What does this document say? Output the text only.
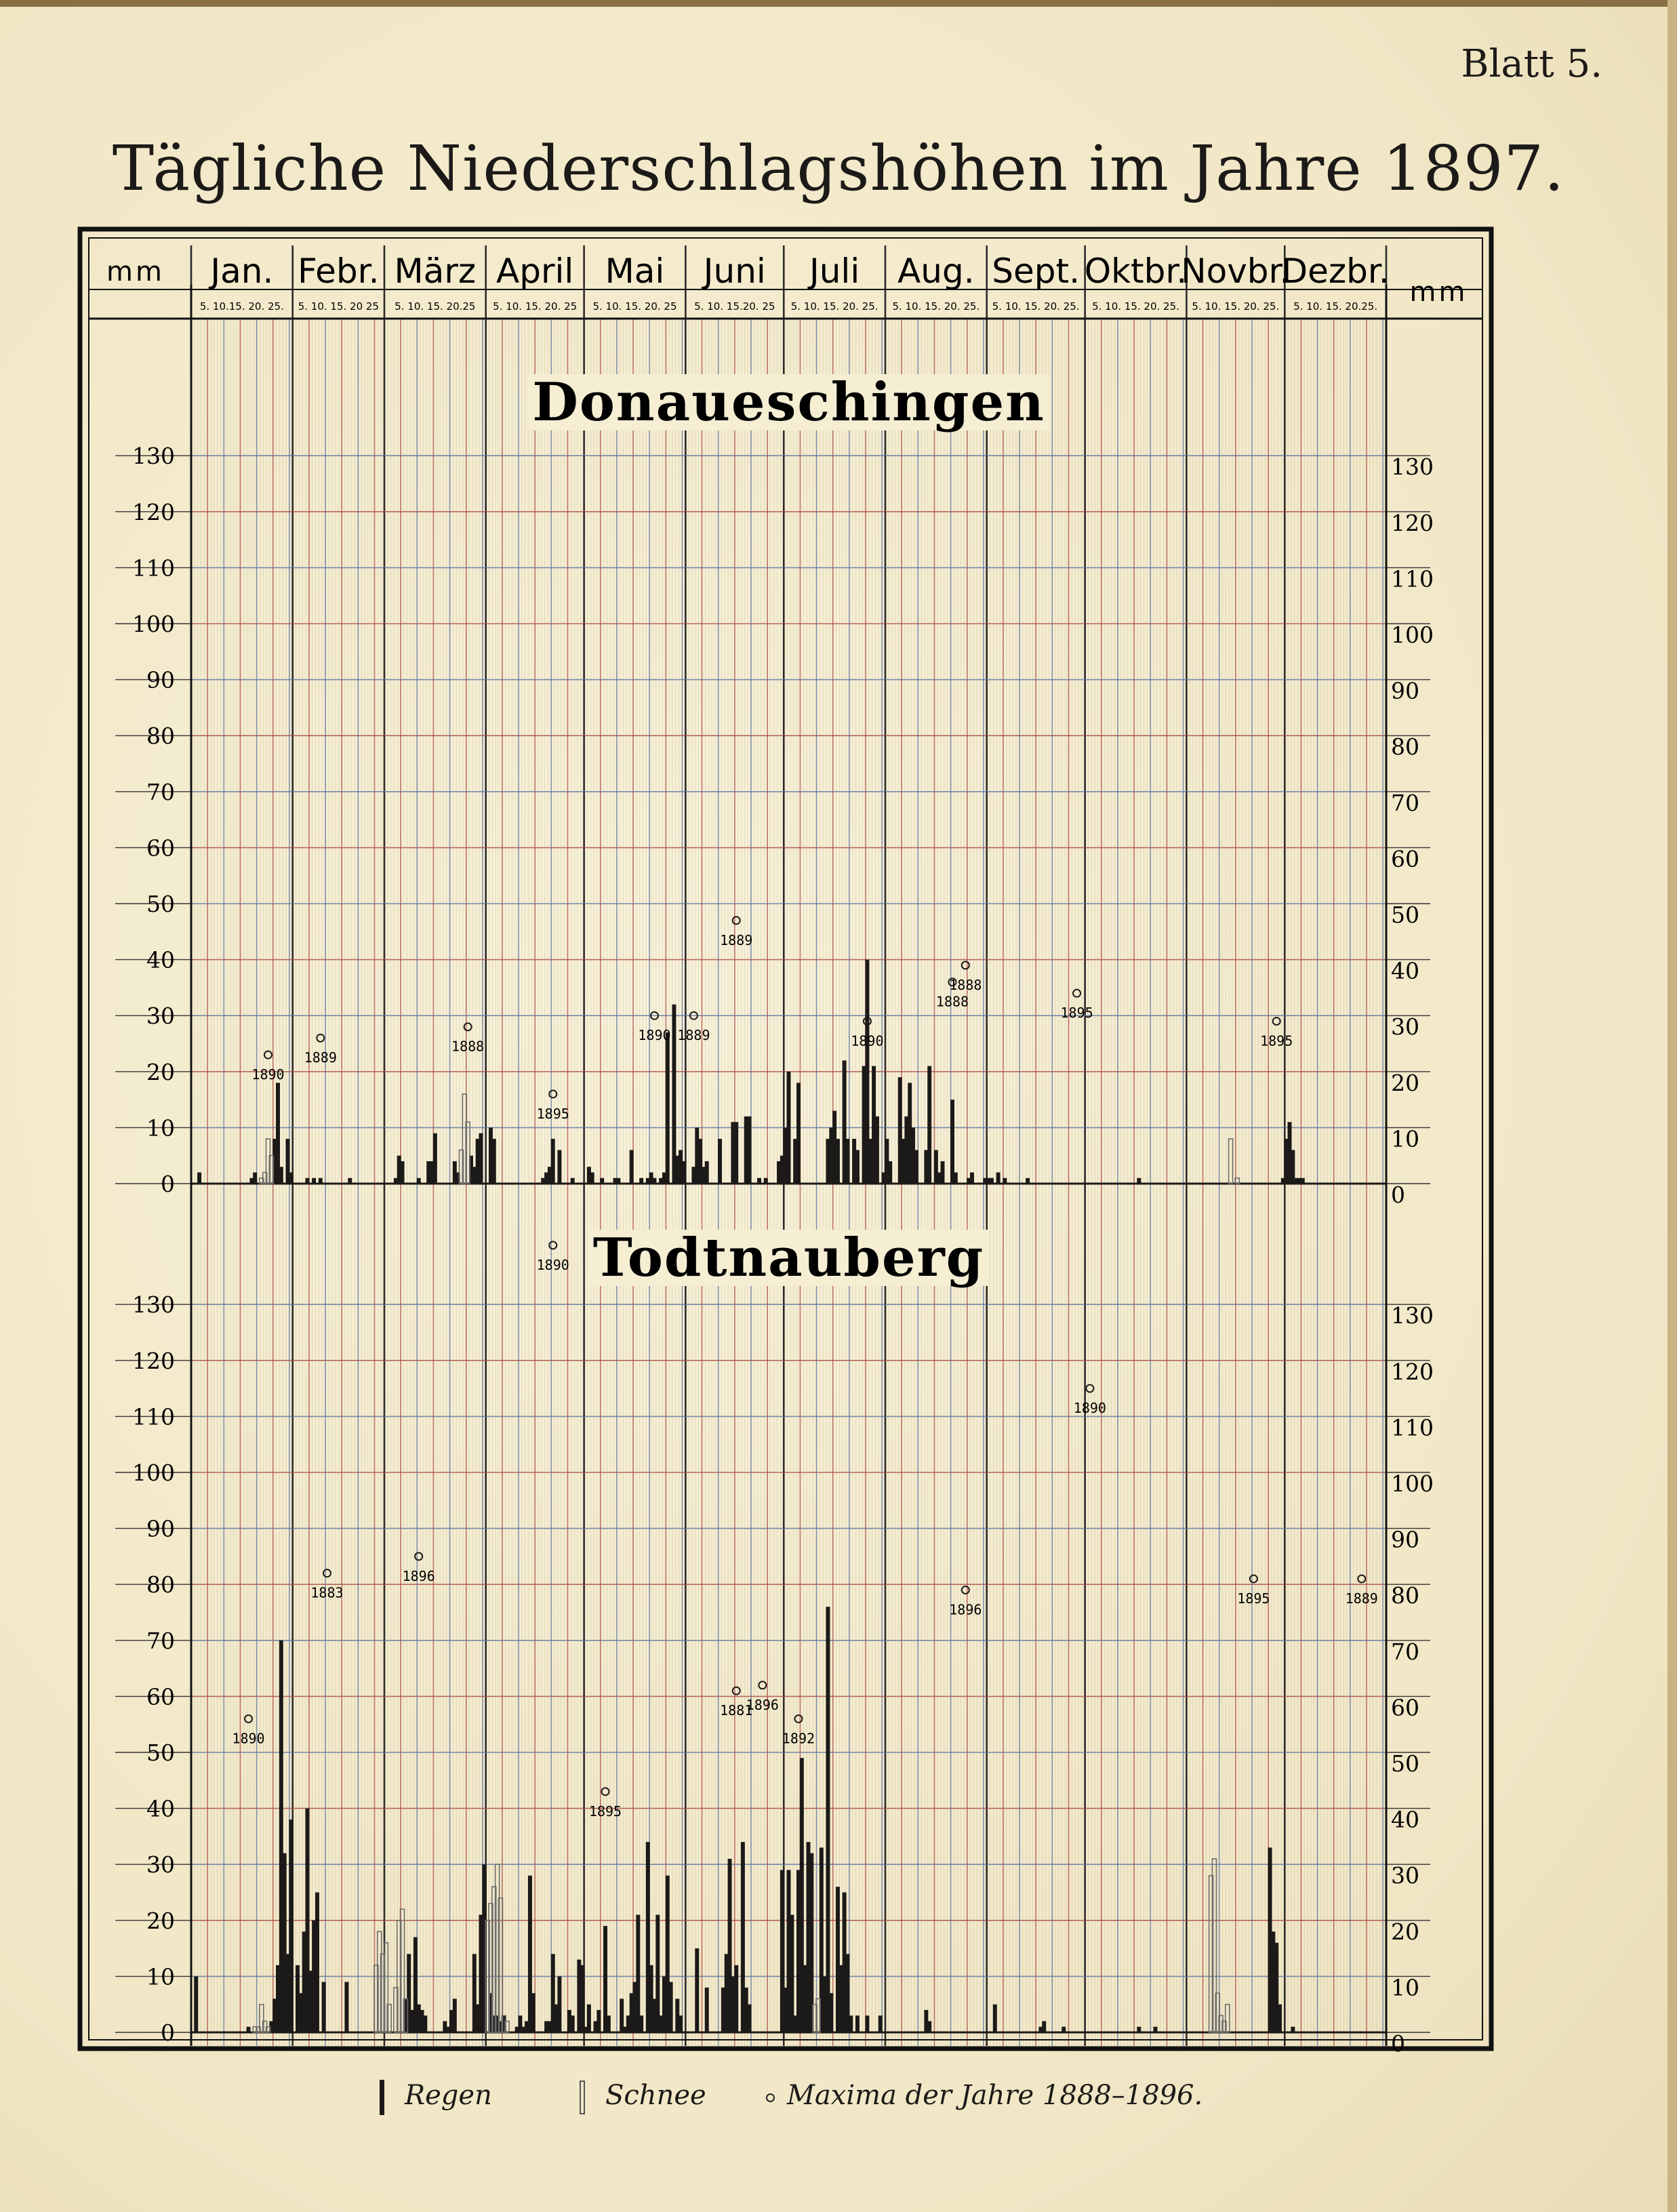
Blatt 5.
Tägliche Niederschlagshöhen im Jahre 1897.
Jan.
5. 10.15. 20. 25.
Febr.
5. 10. 15. 20 25
März
5. 10. 15. 20.25
April
5. 10. 15. 20. 25
Mai
5. 10. 15. 20. 25
Juni
5. 10. 15.20. 25
Juli
5. 10. 15. 20. 25.
Aug.
5. 10. 15. 20. 25.
Sept.
5. 10. 15. 20. 25.
Oktbr.
5. 10. 15. 20. 25.
Novbr.
5. 10. 15. 20. 25.
Dezbr.
5. 10. 15. 20.25.
mm
mm
0	0
10	10
20	20
30	30
40	40
50	50
60	60
70	70
80	80
90	90
100	100
110	110
120	120
130	130
0	0
10	10
20	20
30	30
40	40
50	50
60	60
70	70
80	80
90	90
100	100
110	110
120	120
130	130
Donaueschingen
1890
1889
1888
1895
1890 1889
1889
1890
1888
1888
1895
1895
1890 Todtnauberg
1890
1883
1896
1895
1881
1896
1892
1896
1890
1895	1889
Regen	Schnee	Maxima der Jahre 1888–1896.
